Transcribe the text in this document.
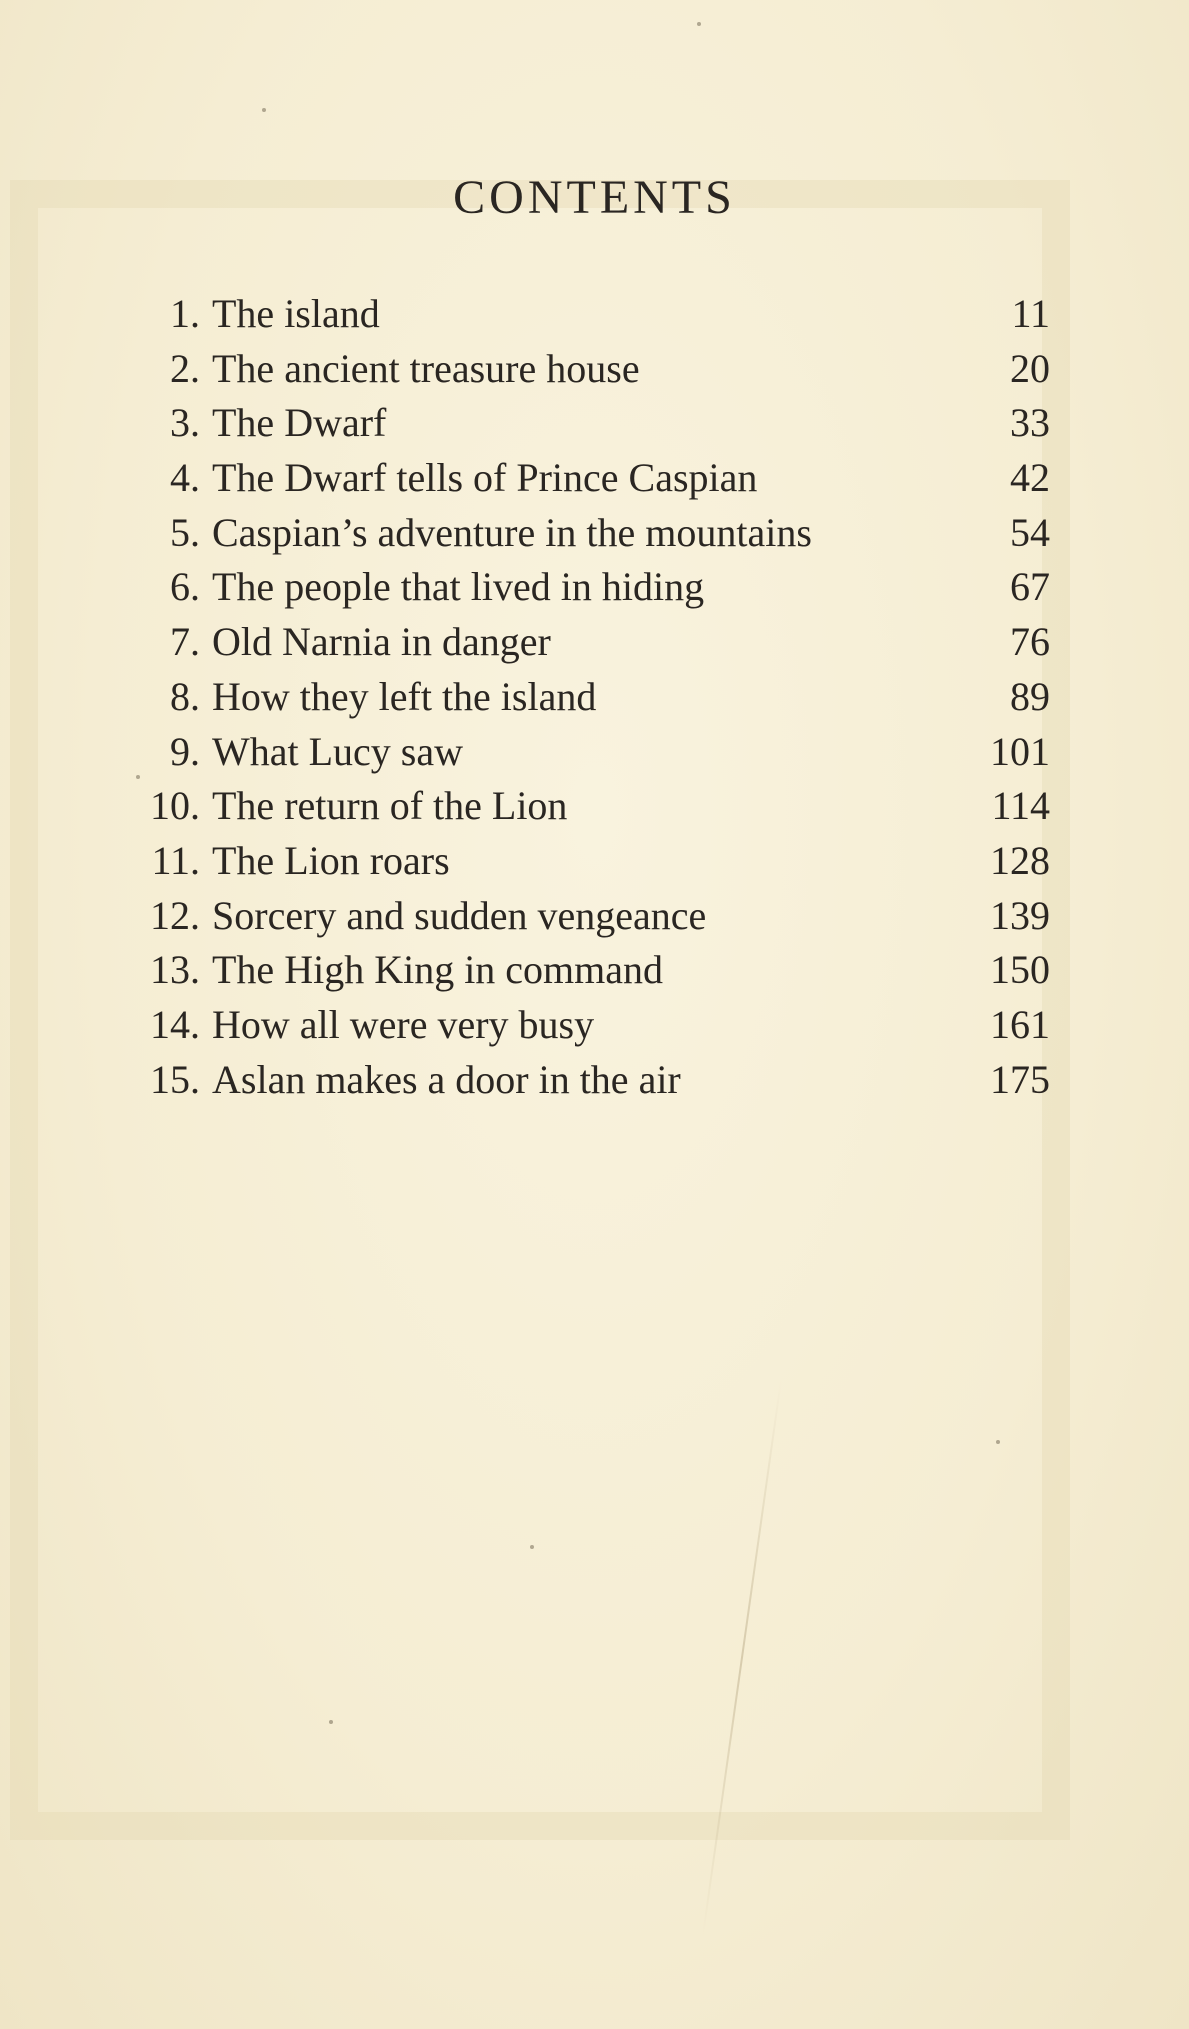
CONTENTS
1. The island	11
2. The ancient treasure house	20
3. The Dwarf	33
4. The Dwarf tells of Prince Caspian	42
5. Caspian’s adventure in the mountains	54
6. The people that lived in hiding	67
7. Old Narnia in danger	76
8. How they left the island	89
9. What Lucy saw	101
10. The return of the Lion	114
11. The Lion roars	128
12. Sorcery and sudden vengeance	139
13. The High King in command	150
14. How all were very busy	161
15. Aslan makes a door in the air	175
